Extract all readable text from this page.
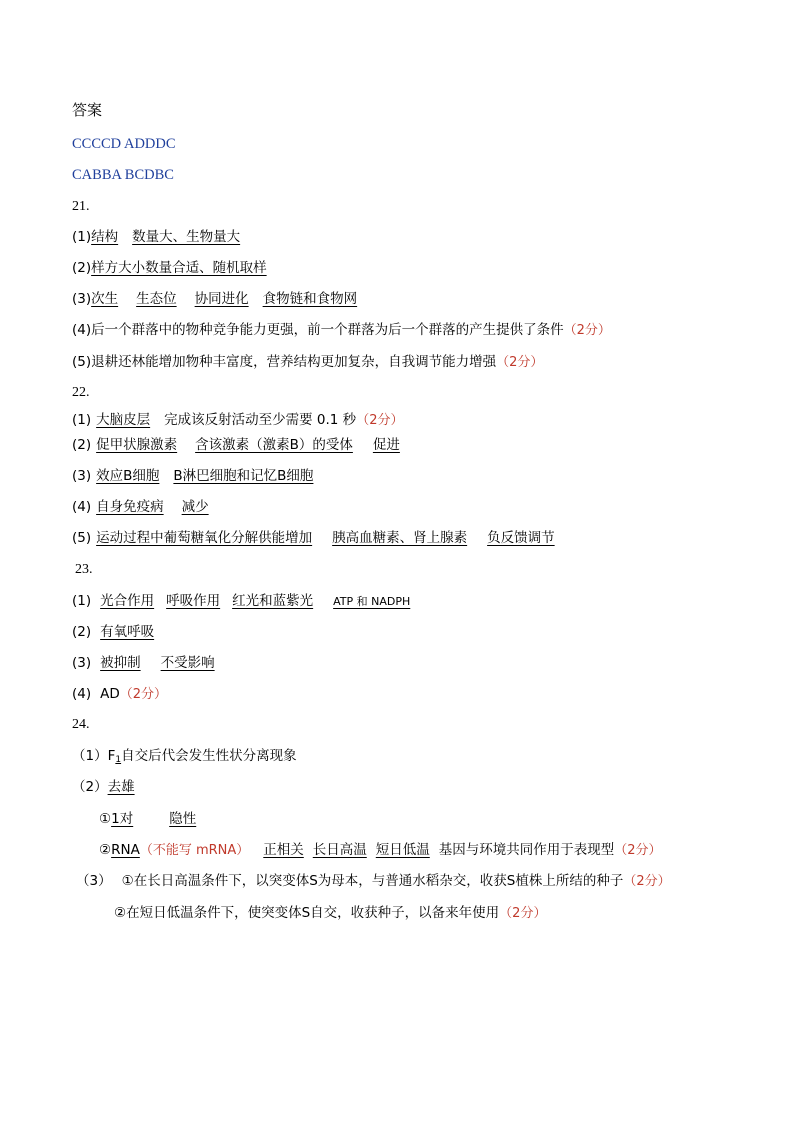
答案
CCCCD ADDDC
CABBA BCDBC
21.
(1)结构 数量大、生物量大
(2)样方大小数量合适、随机取样
(3)次生 生态位 协同进化 食物链和食物网
(4)后一个群落中的物种竞争能力更强，前一个群落为后一个群落的产生提供了条件（2分）
(5)退耕还林能增加物种丰富度，营养结构更加复杂，自我调节能力增强（2分）
22.
(1) 大脑皮层 完成该反射活动至少需要 0.1 秒（2分）
(2) 促甲状腺激素 含该激素（激素B）的受体 促进
(3) 效应B细胞 B淋巴细胞和记忆B细胞
(4) 自身免疫病 减少
(5) 运动过程中葡萄糖氧化分解供能增加 胰高血糖素、肾上腺素 负反馈调节
23.
(1) 光合作用 呼吸作用 红光和蓝紫光 ATP 和 NADPH
(2) 有氧呼吸
(3) 被抑制 不受影响
(4) AD（2分）
24.
$(1)F_1$自交后代会发生性状分离现象
（2）去雄
①1对	隐性
②RNA（不能写 mRNA） 正相关 长日高温 短日低温 基因与环境共同作用于表现型（2分）
（3） ①在长日高温条件下，以突变体S为母本，与普通水稻杂交，收获S植株上所结的种子（2分）
②在短日低温条件下，使突变体S自交，收获种子，以备来年使用（2分）
